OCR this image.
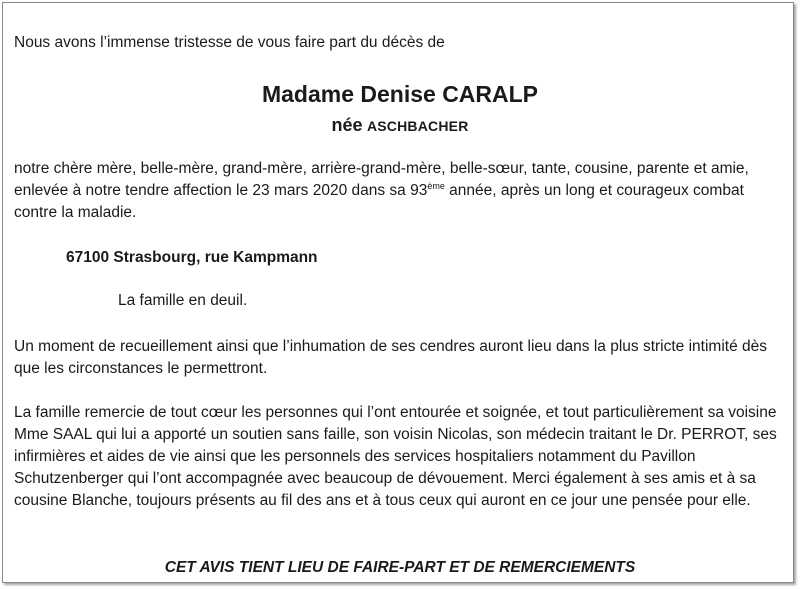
Nous avons l’immense tristesse de vous faire part du décès de

Madame Denise CARALP
née ASCHBACHER

notre chère mère, belle-mère, grand-mère, arrière-grand-mère, belle-sœur, tante, cousine, parente et amie, enlevée à notre tendre affection le 23 mars 2020 dans sa 93ème année, après un long et courageux combat contre la maladie.

67100 Strasbourg, rue Kampmann
La famille en deuil.

Un moment de recueillement ainsi que l’inhumation de ses cendres auront lieu dans la plus stricte intimité dès que les circonstances le permettront.

La famille remercie de tout cœur les personnes qui l’ont entourée et soignée, et tout particulièrement sa voisine Mme SAAL qui lui a apporté un soutien sans faille, son voisin Nicolas, son médecin traitant le Dr. PERROT, ses infirmières et aides de vie ainsi que les personnels des services hospitaliers notamment du Pavillon Schutzenberger qui l’ont accompagnée avec beaucoup de dévouement. Merci également à ses amis et à sa cousine Blanche, toujours présents au fil des ans et à tous ceux qui auront en ce jour une pensée pour elle.

CET AVIS TIENT LIEU DE FAIRE-PART ET DE REMERCIEMENTS
